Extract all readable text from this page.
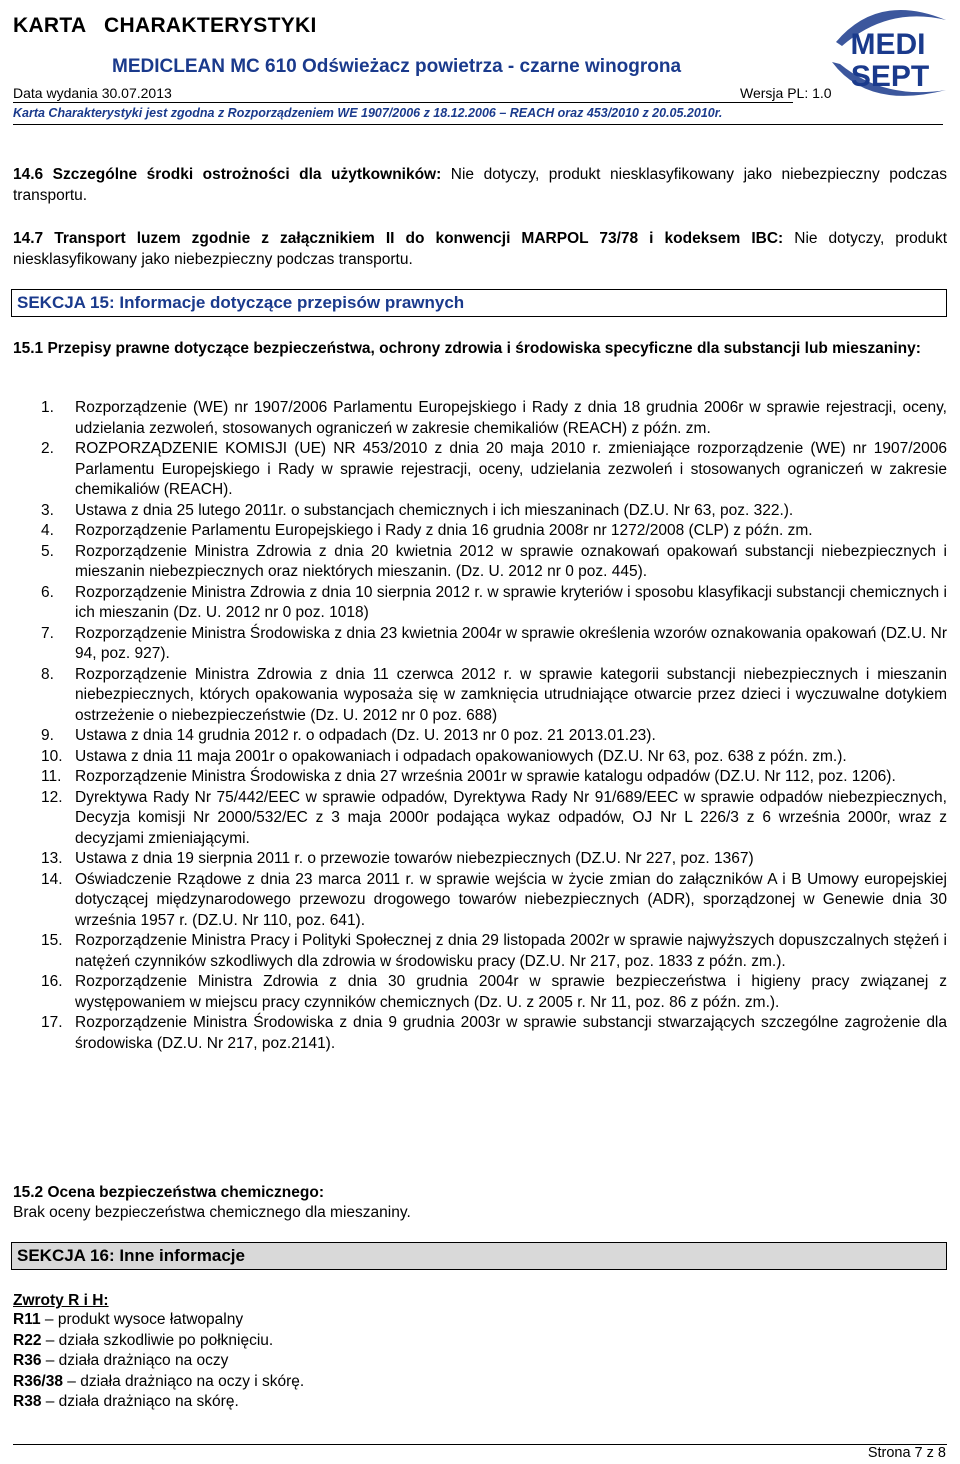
KARTA   CHARAKTERYSTYKI
MEDICLEAN MC 610 Odświeżacz powietrza - czarne winogrona
Data wydania 30.07.2013	Wersja PL: 1.0
Karta Charakterystyki jest zgodna z Rozporządzeniem WE 1907/2006 z 18.12.2006 – REACH oraz 453/2010 z 20.05.2010r.
MEDI
SEPT
14.6 Szczególne środki ostrożności dla użytkowników: Nie dotyczy, produkt niesklasyfikowany jako niebezpieczny podczas transportu.
14.7 Transport luzem zgodnie z załącznikiem II do konwencji MARPOL 73/78 i kodeksem IBC: Nie dotyczy, produkt niesklasyfikowany jako niebezpieczny podczas transportu.
SEKCJA 15: Informacje dotyczące przepisów prawnych
15.1 Przepisy prawne dotyczące bezpieczeństwa, ochrony zdrowia i środowiska specyficzne dla substancji lub mieszaniny:
1. Rozporządzenie (WE) nr 1907/2006 Parlamentu Europejskiego i Rady z dnia 18 grudnia 2006r w sprawie rejestracji, oceny, udzielania zezwoleń, stosowanych ograniczeń w zakresie chemikaliów (REACH) z późn. zm.
2. ROZPORZĄDZENIE KOMISJI (UE) NR 453/2010 z dnia 20 maja 2010 r. zmieniające rozporządzenie (WE) nr 1907/2006 Parlamentu Europejskiego i Rady w sprawie rejestracji, oceny, udzielania zezwoleń i stosowanych ograniczeń w zakresie chemikaliów (REACH).
3. Ustawa z dnia 25 lutego 2011r. o substancjach chemicznych i ich mieszaninach (DZ.U. Nr 63, poz. 322.).
4. Rozporządzenie Parlamentu Europejskiego i Rady z dnia 16 grudnia 2008r nr 1272/2008 (CLP) z późn. zm.
5. Rozporządzenie Ministra Zdrowia z dnia 20 kwietnia 2012 w sprawie oznakowań opakowań substancji niebezpiecznych i mieszanin niebezpiecznych oraz niektórych mieszanin. (Dz. U. 2012 nr 0 poz. 445).
6. Rozporządzenie Ministra Zdrowia z dnia 10 sierpnia 2012 r. w sprawie kryteriów i sposobu klasyfikacji substancji chemicznych i ich mieszanin (Dz. U. 2012 nr 0 poz. 1018)
7. Rozporządzenie Ministra Środowiska z dnia 23 kwietnia 2004r w sprawie określenia wzorów oznakowania opakowań (DZ.U. Nr 94, poz. 927).
8. Rozporządzenie Ministra Zdrowia z dnia 11 czerwca 2012 r. w sprawie kategorii substancji niebezpiecznych i mieszanin niebezpiecznych, których opakowania wyposaża się w zamknięcia utrudniające otwarcie przez dzieci i wyczuwalne dotykiem ostrzeżenie o niebezpieczeństwie (Dz. U. 2012 nr 0 poz. 688)
9. Ustawa z dnia 14 grudnia 2012 r. o odpadach (Dz. U. 2013 nr 0 poz. 21 2013.01.23).
10. Ustawa z dnia 11 maja 2001r o opakowaniach i odpadach opakowaniowych (DZ.U. Nr 63, poz. 638 z późn. zm.).
11. Rozporządzenie Ministra Środowiska z dnia 27 września 2001r w sprawie katalogu odpadów (DZ.U. Nr 112, poz. 1206).
12. Dyrektywa Rady Nr 75/442/EEC w sprawie odpadów, Dyrektywa Rady Nr 91/689/EEC w sprawie odpadów niebezpiecznych, Decyzja komisji Nr 2000/532/EC z 3 maja 2000r podająca wykaz odpadów, OJ Nr L 226/3 z 6 września 2000r, wraz z decyzjami zmieniającymi.
13. Ustawa z dnia 19 sierpnia 2011 r. o przewozie towarów niebezpiecznych (DZ.U. Nr 227, poz. 1367)
14. Oświadczenie Rządowe z dnia 23 marca 2011 r. w sprawie wejścia w życie zmian do załączników A i B Umowy europejskiej dotyczącej międzynarodowego przewozu drogowego towarów niebezpiecznych (ADR), sporządzonej w Genewie dnia 30 września 1957 r. (DZ.U. Nr 110, poz. 641).
15. Rozporządzenie Ministra Pracy i Polityki Społecznej z dnia 29 listopada 2002r w sprawie najwyższych dopuszczalnych stężeń i natężeń czynników szkodliwych dla zdrowia w środowisku pracy (DZ.U. Nr 217, poz. 1833 z późn. zm.).
16. Rozporządzenie Ministra Zdrowia z dnia 30 grudnia 2004r w sprawie bezpieczeństwa i higieny pracy związanej z występowaniem w miejscu pracy czynników chemicznych (Dz. U. z 2005 r. Nr 11, poz. 86 z późn. zm.).
17. Rozporządzenie Ministra Środowiska z dnia 9 grudnia 2003r w sprawie substancji stwarzających szczególne zagrożenie dla środowiska (DZ.U. Nr 217, poz.2141).
15.2 Ocena bezpieczeństwa chemicznego:
Brak oceny bezpieczeństwa chemicznego dla mieszaniny.
SEKCJA 16: Inne informacje
Zwroty R i H:
R11 – produkt wysoce łatwopalny
R22 – działa szkodliwie po połknięciu.
R36 – działa drażniąco na oczy
R36/38 – działa drażniąco na oczy i skórę.
R38 – działa drażniąco na skórę.
Strona 7 z 8
